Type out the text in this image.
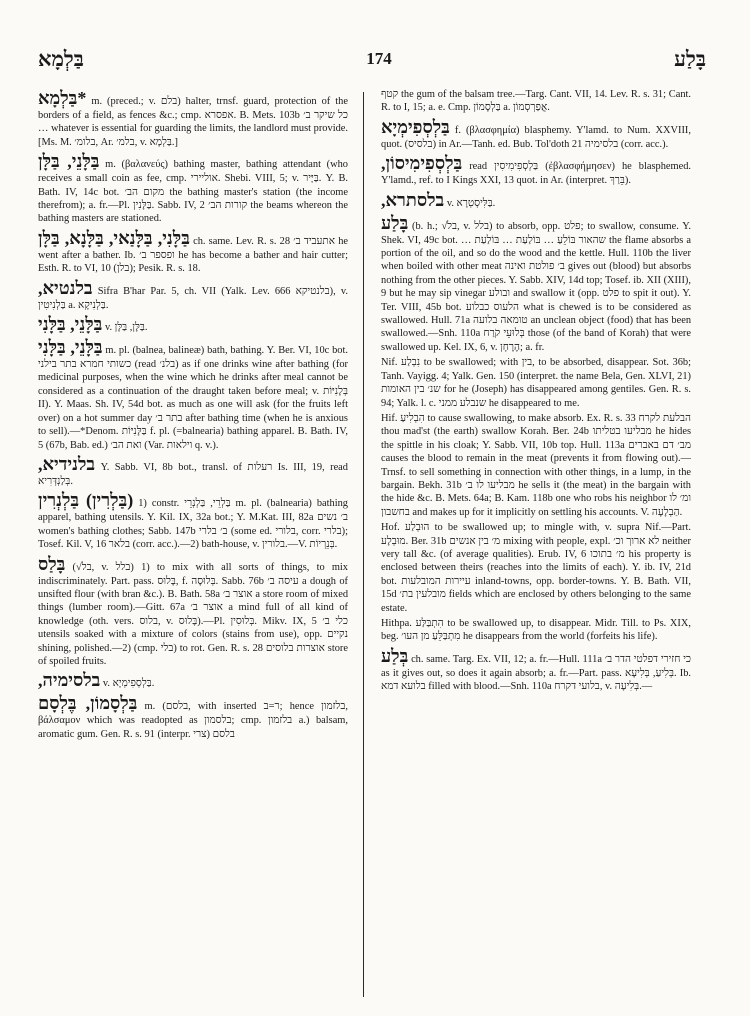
בַּלְמָא	174	בָּלַע

*בַּלְמָא m. (preced.; v. בלם) halter, trnsf. guard, protection of the borders of a field, as fences &c.; cmp. אפסרא. B. Mets. 103b כל שיקר ב׳ … whatever is essential for guarding the limits, the landlord must provide. [Ms. M. בלומ׳, Ar. בלמ׳, v. בַּלְמָא.]

בַּלָּנֵי, בַּלָּן m. (βαλανεύς) bathing master, bathing attendant (who receives a small coin as fee, cmp. אוליירי. Shebi. VIII, 5; v. בַּיָּיר. Y. B. Bath. IV, 14c bot. מקום הב׳ the bathing master's station (the income therefrom); a. fr.—Pl. בַּלָּנִין. Sabb. IV, 2 קורות הב׳ the beams whereon the bathing masters are stationed.

בַּלָּנִי, בַּלָּנַאי, בַּלָּנָא, בַּלָּן ch. same. Lev. R. s. 28 אתעביד ב׳ he went after a bather. Ib. ופספר ב׳ he has become a bather and hair cutter; Esth. R. to VI, 10 (בלן); Pesik. R. s. 18.

בלנטיא, Sifra B'har Par. 5, ch. VII (Yalk. Lev. 666 בלנטיקא), v. בַּלְנִיטִין a. בַּלְנִיקָא.

בַּלָּנֵי, בַּלָּנִי v. בַּלָּן, בַּלָּן.

בַּלָּנֵי, בַּלָּנִי m. pl. (balnea, balineæ) bath, bathing. Y. Ber. VI, 10c bot. כשותי חמרא בתר בילני (read בלנ׳) as if one drinks wine after bathing (for medicinal purposes, when the wine which he drinks after meal cannot be considered as a continuation of the draught taken before meal; v. בְּלָנִיּוֹת II). Y. Maas. Sh. IV, 54d bot. as much as one will ask (for the fruits left over) on a hot summer day בתר ב׳ after bathing time (when he is anxious to sell).—*Denom. בַּלָּנִיּוֹת f. pl. (=balnearia) bathing apparel. B. Bath. IV, 5 (67b, Bab. ed.) ואת הב׳ (Var. וילאות q. v.).

בלנידיא, Y. Sabb. VI, 8b bot., transl. of רעלות Is. III, 19, read בְּלַנְדְּרִיא.

(בַּלְרִין) בַּלְנְרִין 1) constr. בַּלְרֵי, בַּלְנְרֵי m. pl. (balnearia) bathing apparel, bathing utensils. Y. Kil. IX, 32a bot.; Y. M.Kat. III, 82a ב׳ נשים women's bathing clothes; Sabb. 147b ב׳ בלרי (some ed. בלורי, corr. בלרי); Tosef. Kil. V, 16 בלאר (corr. acc.).—2) bath-house, v. בלורין.—V. בְּנֵרְיוֹת.

בָּלַס (√בל, v. בלל) 1) to mix with all sorts of things, to mix indiscriminately. Part. pass. בָּלוּס, f. בְּלוּסָה. Sabb. 76b עיסה ב׳ a dough of unsifted flour (with bran &c.). B. Bath. 58a אוצר ב׳ a store room of mixed things (lumber room).—Gitt. 67a אוצר ב׳ a mind full of all kind of knowledge (oth. vers. בלוס, v. בָּלוּס).—Pl. בְּלוּסִין. Mikv. IX, 5 כלי ב׳ utensils soaked with a mixture of colors (stains from use), opp. נקיים shining, polished.—2) (cmp. בלי) to rot. Gen. R. s. 28 אוצרות בלוסים store of spoiled fruits.

בלסימיה, v. בַּלְסְפִימְיָא.

בַּלְסָמוֹן, בֶּלְסָם m. (בלסם, with inserted ר=ב; hence בלזמון, βάλσαμον which was readopted as בלסמון; cmp. בלזמון a.) balsam, aromatic gum. Gen. R. s. 91 (interpr. צרי) בלסם

קטף the gum of the balsam tree.—Targ. Cant. VII, 14. Lev. R. s. 31; Cant. R. to I, 15; a. e. Cmp. בַּלְסָמוֹן a. אֲפַרְסְמוֹן.

בַּלְסְפִימְיָא f. (βλασφημία) blasphemy. Y'lamd. to Num. XXVIII, quot. (בלסיס) in Ar.—Tanh. ed. Bub. Tol'doth 21 בלסימיה (corr. acc.).

בַּלְסְפִימִיסוֹן, read בַּלְסְפִימִיסִין (ἐβλασφήμησεν) he blasphemed. Y'lamd., ref. to I Kings XXI, 13 quot. in Ar. (interpret. בֵּרַךְ).

בלסתרא, v. בַּלִּיסְטְרָא.

בָּלַע (b. h.; √בל, v. בלל) to absorb, opp. פלט; to swallow, consume. Y. Shek. VI, 49c bot. … שהאור בּוֹלֵעַ … בּוֹלַעַת … בּוֹלַעַת the flame absorbs a portion of the oil, and so do the wood and the kettle. Hull. 110b the liver when boiled with other meat ב׳ פולטת ואינה gives out (blood) but absorbs nothing from the other pieces. Y. Sabb. XIV, 14d top; Tosef. ib. XII (XIII), 9 but he may sip vinegar ובולע and swallow it (opp. פלט to spit it out). Y. Ter. VIII, 45b bot. הלעוס כבלוע what is chewed is to be considered as swallowed. Hull. 71a טומאה בלועה an unclean object (food) that has been swallowed.—Snh. 110a בְּלוּעֵי קֹרַח those (of the band of Korah) that were swallowed up. Kel. IX, 6, v. הֶרֶחָן; a. fr.

Nif. נִבְלַע to be swallowed; with בין, to be absorbed, disappear. Sot. 36b; Tanh. Vayigg. 4; Yalk. Gen. 150 (interpret. the name Bela, Gen. XLVI, 21) שנ׳ בין האומות for he (Joseph) has disappeared among gentiles. Gen. R. s. 94; Yalk. l. c. שנבלע ממני he disappeared to me.

Hif. הִבְלִיעַ to cause swallowing, to make absorb. Ex. R. s. 33 הבלעת לקרח thou mad'st (the earth) swallow Korah. Ber. 24b מבליעו בטליתו he hides the spittle in his cloak; Y. Sabb. VII, 10b top. Hull. 113a מב׳ דם באברים causes the blood to remain in the meat (prevents it from flowing out).—Trnsf. to sell something in connection with other things, in a lump, in the bargain. Bekh. 31b מבליעו לו ב׳ he sells it (the meat) in the bargain with the hide &c. B. Mets. 64a; B. Kam. 118b one who robs his neighbor ומ׳ לו בחשבון and makes up for it implicitly on settling his accounts. V. הַבְלָעָה.

Hof. הוּבְלַע to be swallowed up; to mingle with, v. supra Nif.—Part. מוּבְלָע. Ber. 31b מ׳ בין אנשים mixing with people, expl. לא ארוך וכ׳ neither very tall &c. (of average qualities). Erub. IV, 6 מ׳ בתוכו his property is enclosed between theirs (reaches into the limits of each). Y. ib. IV, 21d bot. עיירות המובלעות inland-towns, opp. border-towns. Y. B. Bath. VII, 15d מובלעין בת׳ fields which are enclosed by others belonging to the same estate.

Hithpa. הִתְבַּלַּע to be swallowed up, to disappear. Midr. Till. to Ps. XIX, beg. מִתְבַּלֵּעַ מן העו׳ he disappears from the world (forfeits his life).

בְּלַע ch. same. Targ. Ex. VII, 12; a. fr.—Hull. 111a כי חזירי דפלטי הדר ב׳ as it gives out, so does it again absorb; a. fr.—Part. pass. בְּלִיעַ, בְּלִיעָא. Ib. בלועא דמא filled with blood.—Snh. 110a בלועי דקרח, v. בְּלִיעָה.—
